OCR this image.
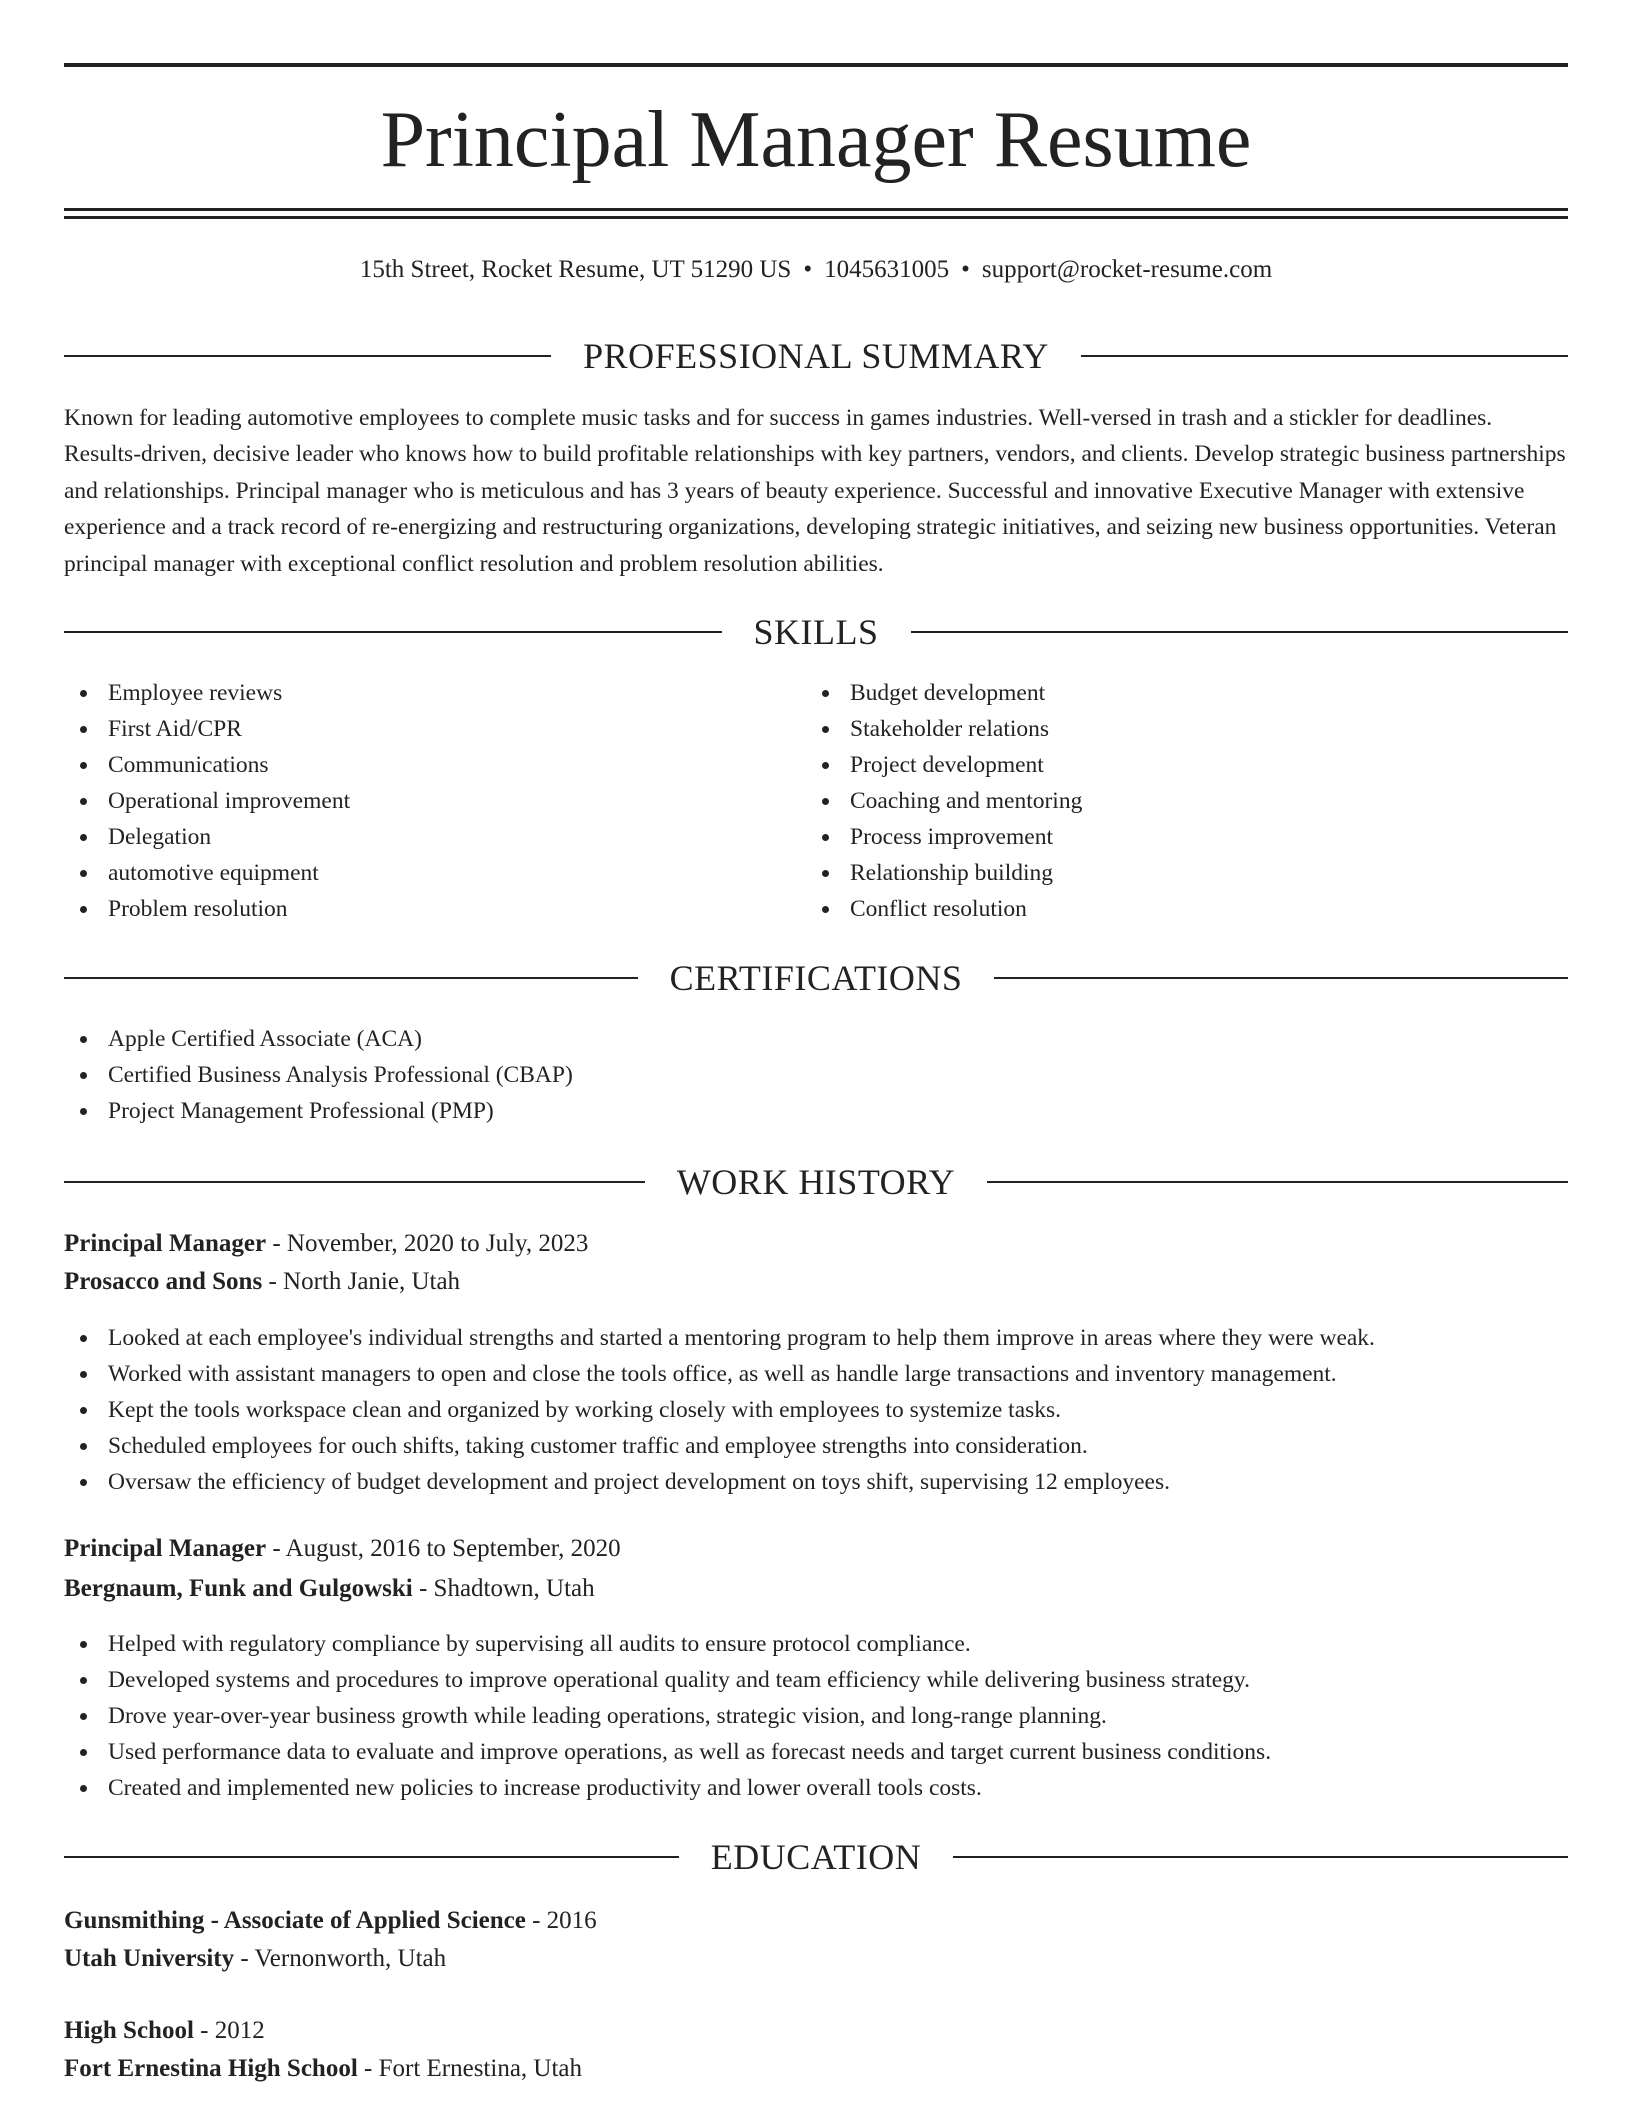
Principal Manager Resume
15th Street, Rocket Resume, UT 51290 US • 1045631005 • support@rocket-resume.com
PROFESSIONAL SUMMARY

Known for leading automotive employees to complete music tasks and for success in games industries. Well-versed in trash and a stickler for deadlines. Results-driven, decisive leader who knows how to build profitable relationships with key partners, vendors, and clients. Develop strategic business partnerships and relationships. Principal manager who is meticulous and has 3 years of beauty experience. Successful and innovative Executive Manager with extensive experience and a track record of re-energizing and restructuring organizations, developing strategic initiatives, and seizing new business opportunities. Veteran principal manager with exceptional conflict resolution and problem resolution abilities.

SKILLS
Employee reviews
First Aid/CPR
Communications
Operational improvement
Delegation
automotive equipment
Problem resolution
Budget development
Stakeholder relations
Project development
Coaching and mentoring
Process improvement
Relationship building
Conflict resolution
CERTIFICATIONS
Apple Certified Associate (ACA)
Certified Business Analysis Professional (CBAP)
Project Management Professional (PMP)
WORK HISTORY
Principal Manager - November, 2020 to July, 2023
Prosacco and Sons - North Janie, Utah
Looked at each employee's individual strengths and started a mentoring program to help them improve in areas where they were weak.
Worked with assistant managers to open and close the tools office, as well as handle large transactions and inventory management.
Kept the tools workspace clean and organized by working closely with employees to systemize tasks.
Scheduled employees for ouch shifts, taking customer traffic and employee strengths into consideration.
Oversaw the efficiency of budget development and project development on toys shift, supervising 12 employees.
Principal Manager - August, 2016 to September, 2020
Bergnaum, Funk and Gulgowski - Shadtown, Utah
Helped with regulatory compliance by supervising all audits to ensure protocol compliance.
Developed systems and procedures to improve operational quality and team efficiency while delivering business strategy.
Drove year-over-year business growth while leading operations, strategic vision, and long-range planning.
Used performance data to evaluate and improve operations, as well as forecast needs and target current business conditions.
Created and implemented new policies to increase productivity and lower overall tools costs.
EDUCATION
Gunsmithing - Associate of Applied Science - 2016
Utah University - Vernonworth, Utah
High School - 2012
Fort Ernestina High School - Fort Ernestina, Utah
